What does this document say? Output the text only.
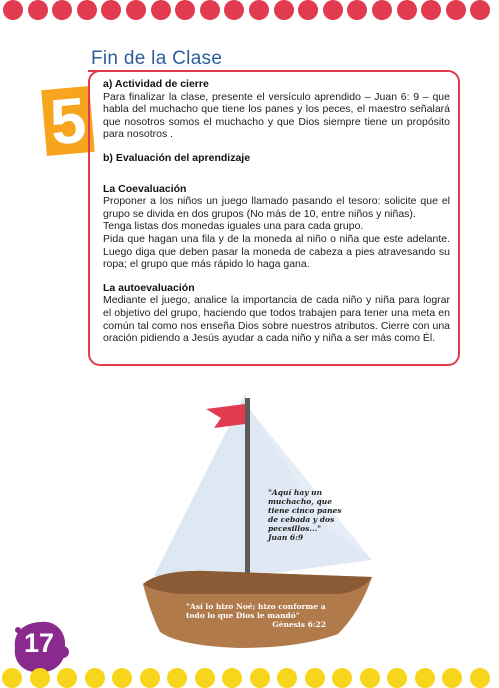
Fin de la Clase
5 a) Actividad de cierre

Para finalizar la clase, presente el versículo aprendido – Juan 6: 9 – que habla del muchacho que tiene los panes y los peces, el maestro señalará que nosotros somos el muchacho y que Dios siempre tiene un propósito para nosotros .

b) Evaluación del aprendizaje

La Coevaluación

Proponer a los niños un juego llamado pasando el tesoro: solicite que el grupo se divida en dos grupos (No más de 10, entre niños y niñas).

Tenga listas dos monedas iguales una para cada grupo.

Pida que hagan una fila y de la moneda al niño o niña que este adelante. Luego diga que deben pasar la moneda de cabeza a pies atravesando su ropa; el grupo que más rápido lo haga gana.

La autoevaluación

Mediante el juego, analice la importancia de cada niño y niña para lograr el objetivo del grupo, haciendo que todos trabajen para tener una meta en común tal como nos enseña Dios sobre nuestros atributos. Cierre con una oración pidiendo a Jesús ayudar a cada niño y niña a ser más como Él.

"Aquí hay un muchacho, que tiene cinco panes de cebada y dos pecesillos..."
Juan 6:9
"Así lo hizo Noé; hizo conforme a todo lo que Dios le mandó"
Génesis 6:22
17
